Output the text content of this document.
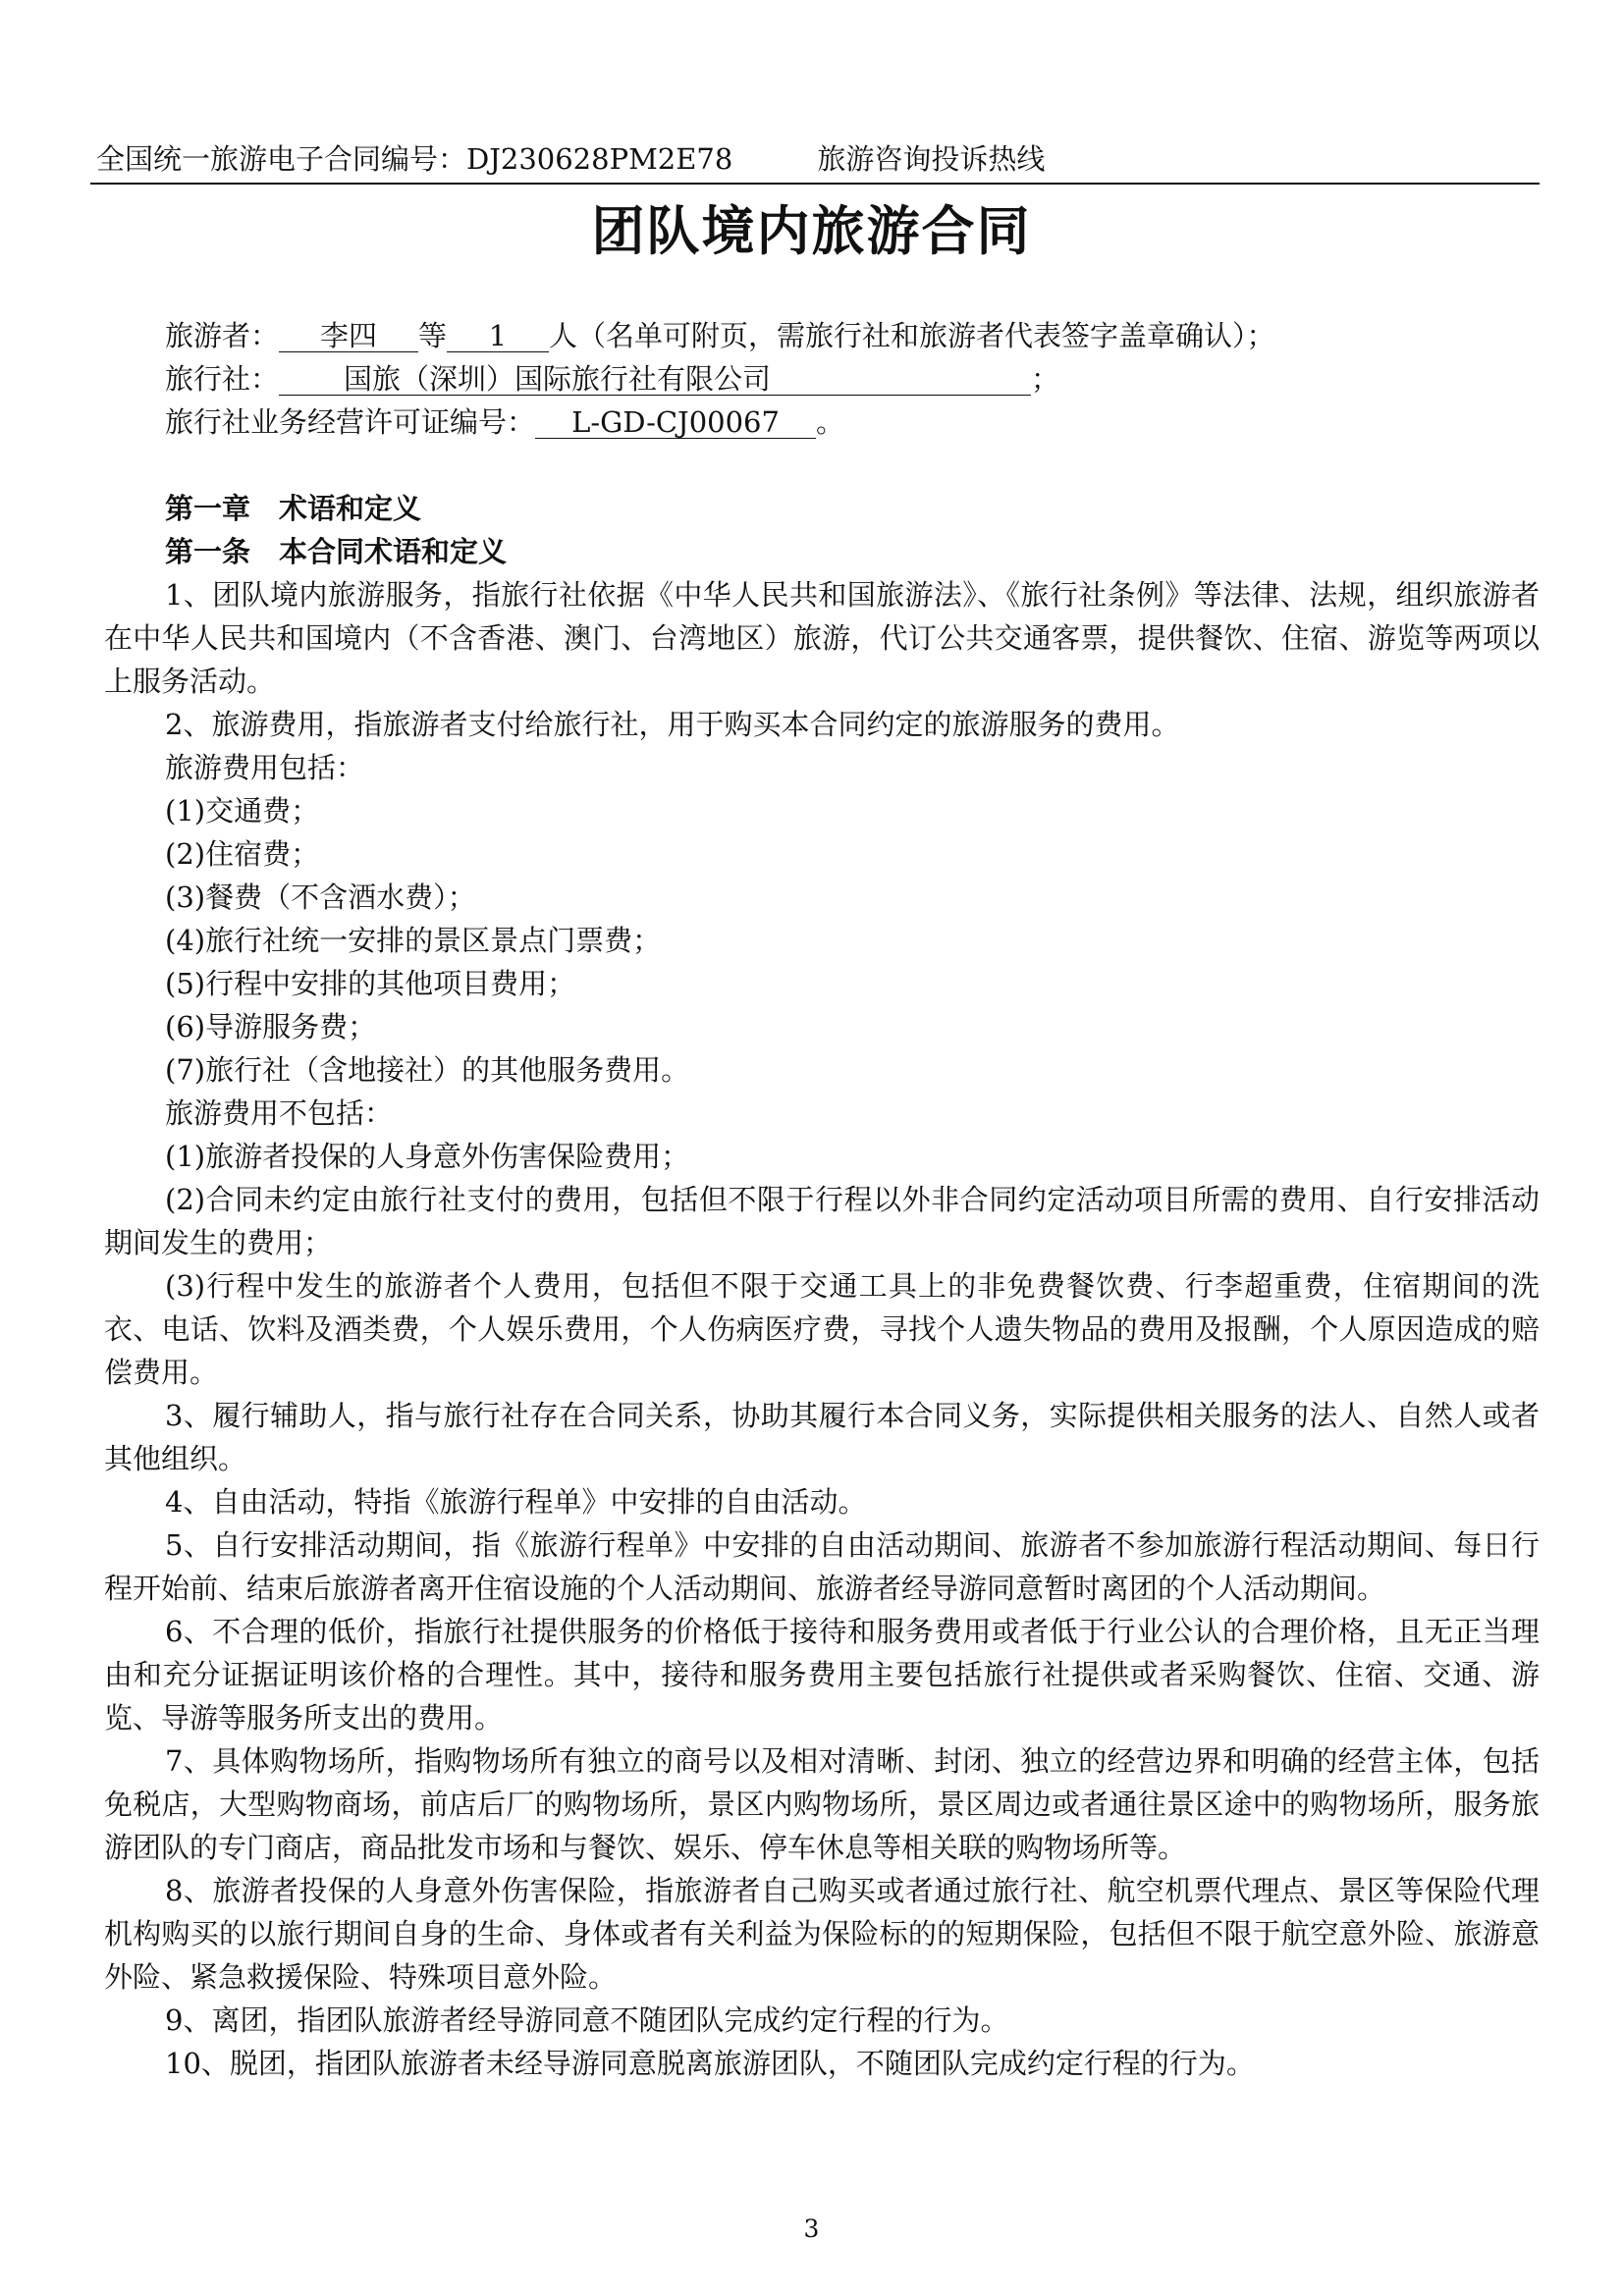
全国统一旅游电子合同编号：DJ230628PM2E78	旅游咨询投诉热线
团队境内旅游合同
旅游者： 李四 等 1 人（名单可附页，需旅行社和旅游者代表签字盖章确认）；
旅行社： 国旅（深圳）国际旅行社有限公司	；
旅行社业务经营许可证编号： L-GD-CJ00067 。

第一章　术语和定义

第一条　本合同术语和定义

1、团队境内旅游服务，指旅行社依据《中华人民共和国旅游法》、《旅行社条例》等法律、法规，组织旅游者在中华人民共和国境内（不含香港、澳门、台湾地区）旅游，代订公共交通客票，提供餐饮、住宿、游览等两项以上服务活动。

2、旅游费用，指旅游者支付给旅行社，用于购买本合同约定的旅游服务的费用。

旅游费用包括：

(1)交通费；

(2)住宿费；

(3)餐费（不含酒水费）；

(4)旅行社统一安排的景区景点门票费；

(5)行程中安排的其他项目费用；

(6)导游服务费；

(7)旅行社（含地接社）的其他服务费用。

旅游费用不包括：

(1)旅游者投保的人身意外伤害保险费用；

(2)合同未约定由旅行社支付的费用，包括但不限于行程以外非合同约定活动项目所需的费用、自行安排活动期间发生的费用；

(3)行程中发生的旅游者个人费用，包括但不限于交通工具上的非免费餐饮费、行李超重费，住宿期间的洗衣、电话、饮料及酒类费，个人娱乐费用，个人伤病医疗费，寻找个人遗失物品的费用及报酬，个人原因造成的赔偿费用。

3、履行辅助人，指与旅行社存在合同关系，协助其履行本合同义务，实际提供相关服务的法人、自然人或者其他组织。

4、自由活动，特指《旅游行程单》中安排的自由活动。

5、自行安排活动期间，指《旅游行程单》中安排的自由活动期间、旅游者不参加旅游行程活动期间、每日行程开始前、结束后旅游者离开住宿设施的个人活动期间、旅游者经导游同意暂时离团的个人活动期间。

6、不合理的低价，指旅行社提供服务的价格低于接待和服务费用或者低于行业公认的合理价格，且无正当理由和充分证据证明该价格的合理性。其中，接待和服务费用主要包括旅行社提供或者采购餐饮、住宿、交通、游览、导游等服务所支出的费用。

7、具体购物场所，指购物场所有独立的商号以及相对清晰、封闭、独立的经营边界和明确的经营主体，包括免税店，大型购物商场，前店后厂的购物场所，景区内购物场所，景区周边或者通往景区途中的购物场所，服务旅游团队的专门商店，商品批发市场和与餐饮、娱乐、停车休息等相关联的购物场所等。

8、旅游者投保的人身意外伤害保险，指旅游者自己购买或者通过旅行社、航空机票代理点、景区等保险代理机构购买的以旅行期间自身的生命、身体或者有关利益为保险标的的短期保险，包括但不限于航空意外险、旅游意外险、紧急救援保险、特殊项目意外险。

9、离团，指团队旅游者经导游同意不随团队完成约定行程的行为。

10、脱团，指团队旅游者未经导游同意脱离旅游团队，不随团队完成约定行程的行为。

3
